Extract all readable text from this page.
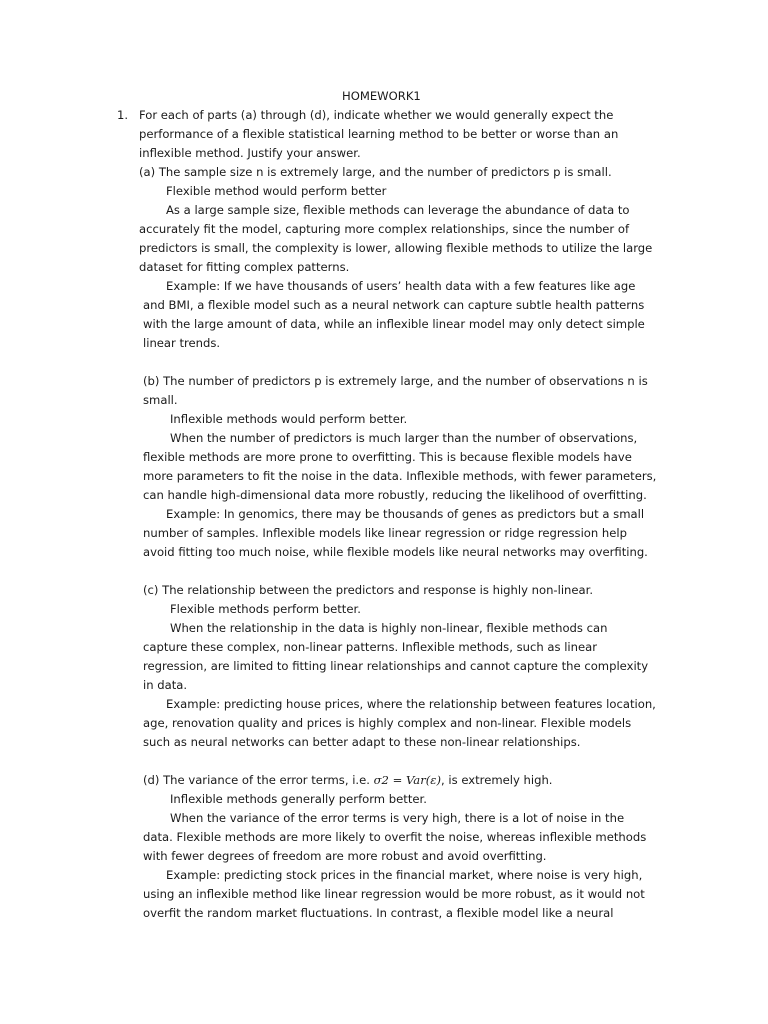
HOMEWORK1
1. For each of parts (a) through (d), indicate whether we would generally expect the
performance of a flexible statistical learning method to be better or worse than an
inflexible method. Justify your answer.
(a) The sample size n is extremely large, and the number of predictors p is small.
Flexible method would perform better
As a large sample size, flexible methods can leverage the abundance of data to
accurately fit the model, capturing more complex relationships, since the number of
predictors is small, the complexity is lower, allowing flexible methods to utilize the large
dataset for fitting complex patterns.
Example: If we have thousands of users’ health data with a few features like age
and BMI, a flexible model such as a neural network can capture subtle health patterns
with the large amount of data, while an inflexible linear model may only detect simple
linear trends.
(b) The number of predictors p is extremely large, and the number of observations n is
small.
Inflexible methods would perform better.
When the number of predictors is much larger than the number of observations,
flexible methods are more prone to overfitting. This is because flexible models have
more parameters to fit the noise in the data. Inflexible methods, with fewer parameters,
can handle high-dimensional data more robustly, reducing the likelihood of overfitting.
Example: In genomics, there may be thousands of genes as predictors but a small
number of samples. Inflexible models like linear regression or ridge regression help
avoid fitting too much noise, while flexible models like neural networks may overfiting.
(c) The relationship between the predictors and response is highly non-linear.
Flexible methods perform better.
When the relationship in the data is highly non-linear, flexible methods can
capture these complex, non-linear patterns. Inflexible methods, such as linear
regression, are limited to fitting linear relationships and cannot capture the complexity
in data.
Example: predicting house prices, where the relationship between features location,
age, renovation quality and prices is highly complex and non-linear. Flexible models
such as neural networks can better adapt to these non-linear relationships.
(d) The variance of the error terms, i.e. σ2 = Var(ε), is extremely high.
Inflexible methods generally perform better.
When the variance of the error terms is very high, there is a lot of noise in the
data. Flexible methods are more likely to overfit the noise, whereas inflexible methods
with fewer degrees of freedom are more robust and avoid overfitting.
Example: predicting stock prices in the financial market, where noise is very high,
using an inflexible method like linear regression would be more robust, as it would not
overfit the random market fluctuations. In contrast, a flexible model like a neural
